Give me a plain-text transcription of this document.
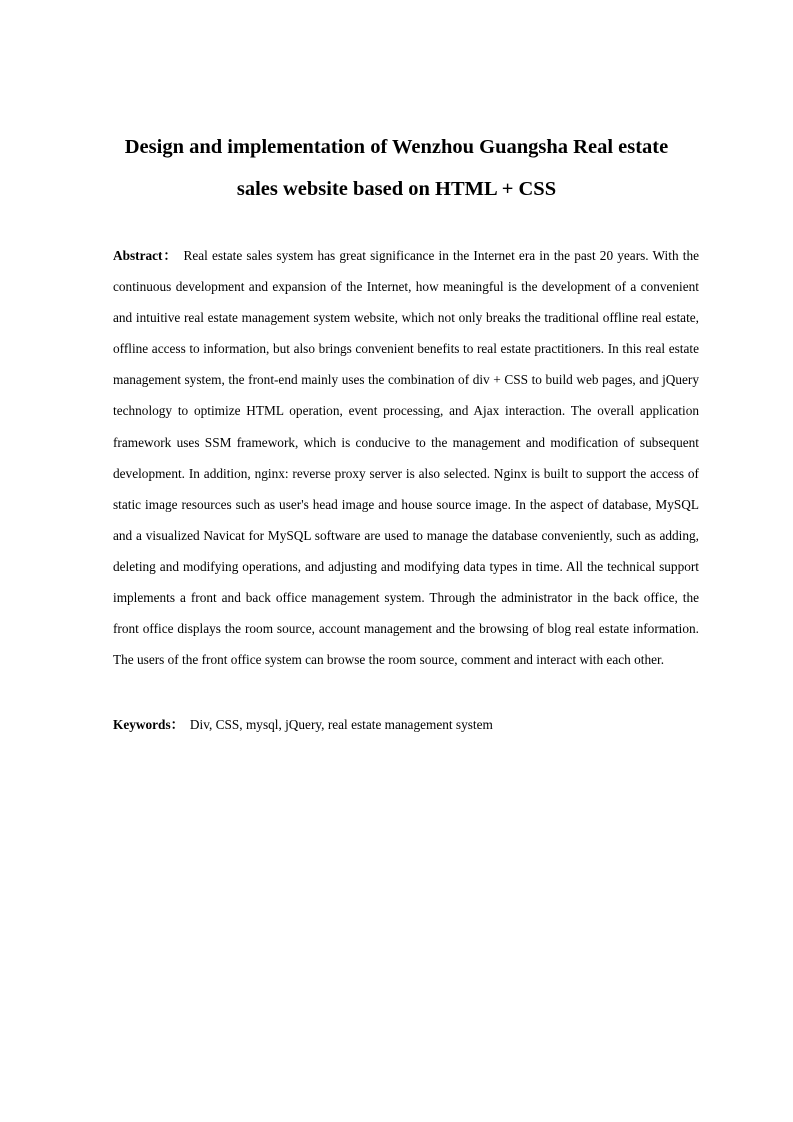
Design and implementation of Wenzhou Guangsha Real estate
sales website based on HTML + CSS

Abstract： Real estate sales system has great significance in the Internet era in the past 20 years. With the continuous development and expansion of the Internet, how meaningful is the development of a convenient and intuitive real estate management system website, which not only breaks the traditional offline real estate, offline access to information, but also brings convenient benefits to real estate practitioners. In this real estate management system, the front-end mainly uses the combination of div + CSS to build web pages, and jQuery technology to optimize HTML operation, event processing, and Ajax interaction. The overall application framework uses SSM framework, which is conducive to the management and modification of subsequent development. In addition, nginx: reverse proxy server is also selected. Nginx is built to support the access of static image resources such as user's head image and house source image. In the aspect of database, MySQL and a visualized Navicat for MySQL software are used to manage the database conveniently, such as adding, deleting and modifying operations, and adjusting and modifying data types in time. All the technical support implements a front and back office management system. Through the administrator in the back office, the front office displays the room source, account management and the browsing of blog real estate information. The users of the front office system can browse the room source, comment and interact with each other.

Keywords： Div, CSS, mysql, jQuery, real estate management system
